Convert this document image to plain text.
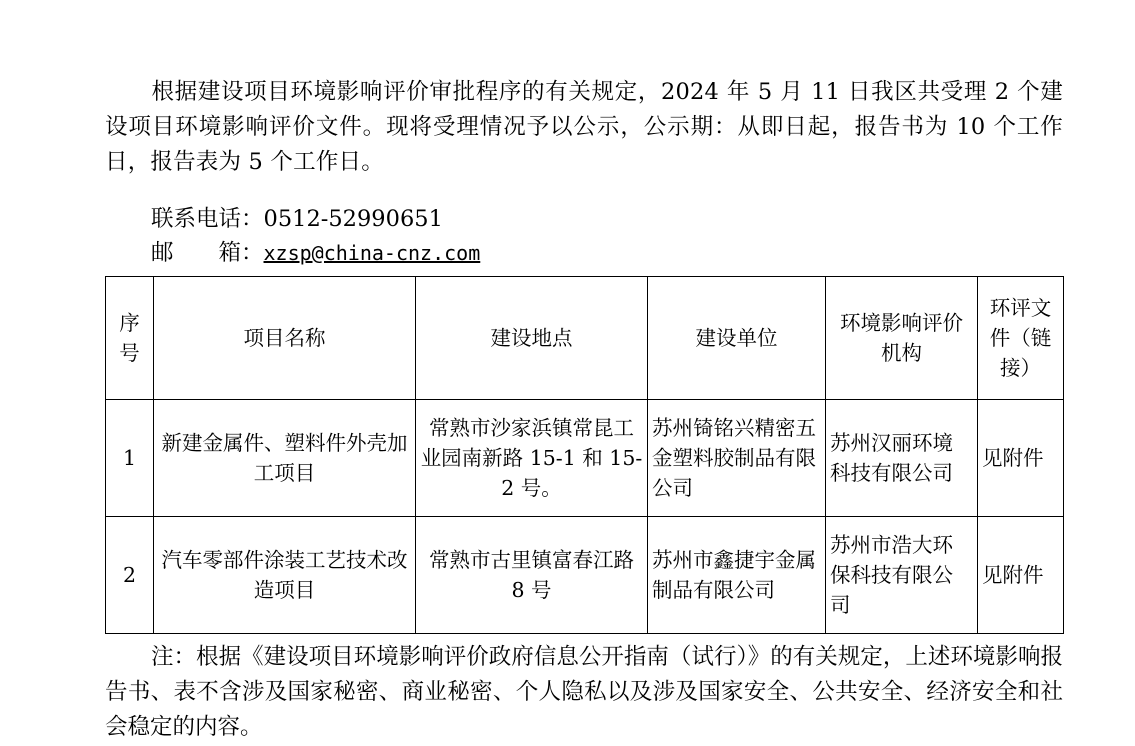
根据建设项目环境影响评价审批程序的有关规定，2024 年 5 月 11 日我区共受理 2 个建设项目环境影响评价文件。现将受理情况予以公示，公示期：从即日起，报告书为 10 个工作日，报告表为 5 个工作日。

联系电话：0512-52990651
邮　　箱：xzsp@china-cnz.com
序号	项目名称	建设地点	建设单位	环境影响评价机构	环评文件（链接）
1	新建金属件、塑料件外壳加工项目	常熟市沙家浜镇常昆工业园南新路 15-1 和 15-2 号。	苏州锜铭兴精密五金塑料胶制品有限公司	苏州汉丽环境科技有限公司	见附件
2	汽车零部件涂装工艺技术改造项目	常熟市古里镇富春江路 8 号	苏州市鑫捷宇金属制品有限公司	苏州市浩大环保科技有限公司	见附件

注：根据《建设项目环境影响评价政府信息公开指南（试行）》的有关规定，上述环境影响报告书、表不含涉及国家秘密、商业秘密、个人隐私以及涉及国家安全、公共安全、经济安全和社会稳定的内容。
